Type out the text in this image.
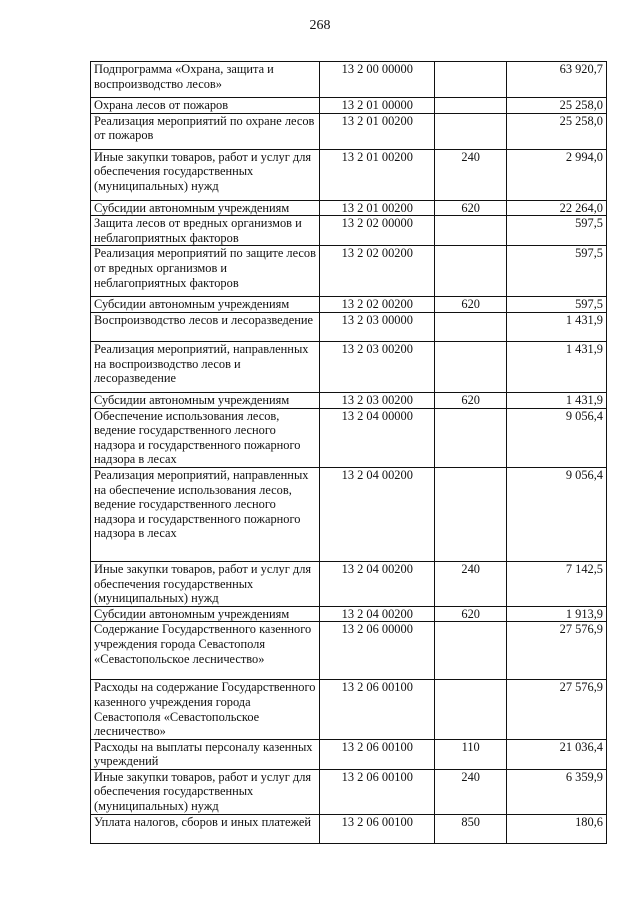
268
Подпрограмма «Охрана, защита и воспроизводство лесов»	13 2 00 00000		63 920,7
Охрана лесов от пожаров	13 2 01 00000		25 258,0
Реализация мероприятий по охране лесов от пожаров	13 2 01 00200		25 258,0
Иные закупки товаров, работ и услуг для обеспечения государственных (муниципальных) нужд	13 2 01 00200	240	2 994,0
Субсидии автономным учреждениям	13 2 01 00200	620	22 264,0
Защита лесов от вредных организмов и неблагоприятных факторов	13 2 02 00000		597,5
Реализация мероприятий по защите лесов от вредных организмов и неблагоприятных факторов	13 2 02 00200		597,5
Субсидии автономным учреждениям	13 2 02 00200	620	597,5
Воспроизводство лесов и лесоразведение	13 2 03 00000		1 431,9
Реализация мероприятий, направленных на воспроизводство лесов и лесоразведение	13 2 03 00200		1 431,9
Субсидии автономным учреждениям	13 2 03 00200	620	1 431,9
Обеспечение использования лесов, ведение государственного лесного надзора и государственного пожарного надзора в лесах	13 2 04 00000		9 056,4
Реализация мероприятий, направленных на обеспечение использования лесов, ведение государственного лесного надзора и государственного пожарного надзора в лесах	13 2 04 00200		9 056,4
Иные закупки товаров, работ и услуг для обеспечения государственных (муниципальных) нужд	13 2 04 00200	240	7 142,5
Субсидии автономным учреждениям	13 2 04 00200	620	1 913,9
Содержание Государственного казенного учреждения города Севастополя «Севастопольское лесничество»	13 2 06 00000		27 576,9
Расходы на содержание Государственного казенного учреждения города Севастополя «Севастопольское лесничество»	13 2 06 00100		27 576,9
Расходы на выплаты персоналу казенных учреждений	13 2 06 00100	110	21 036,4
Иные закупки товаров, работ и услуг для обеспечения государственных (муниципальных) нужд	13 2 06 00100	240	6 359,9
Уплата налогов, сборов и иных платежей	13 2 06 00100	850	180,6
